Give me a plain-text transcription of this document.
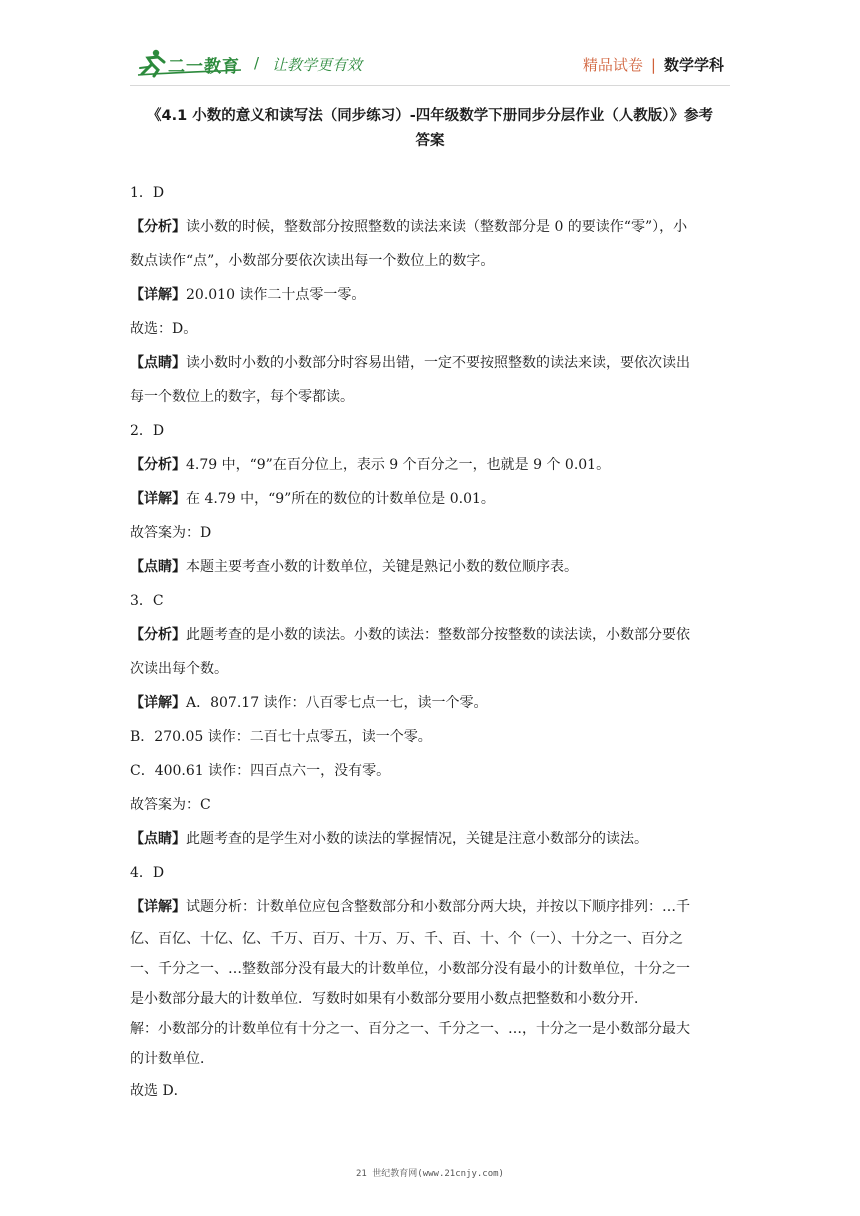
二一教育 / 让教学更有效	精品试卷 | 数学学科
《4.1 小数的意义和读写法（同步练习）-四年级数学下册同步分层作业（人教版）》参考
答案

1．D

【分析】读小数的时候，整数部分按照整数的读法来读（整数部分是 0 的要读作“零”），小

数点读作“点”，小数部分要依次读出每一个数位上的数字。

【详解】20.010 读作二十点零一零。

故选：D。

【点睛】读小数时小数的小数部分时容易出错，一定不要按照整数的读法来读，要依次读出

每一个数位上的数字，每个零都读。

2．D

【分析】4.79 中，“9”在百分位上，表示 9 个百分之一，也就是 9 个 0.01。

【详解】在 4.79 中，“9”所在的数位的计数单位是 0.01。

故答案为：D

【点睛】本题主要考查小数的计数单位，关键是熟记小数的数位顺序表。

3．C

【分析】此题考查的是小数的读法。小数的读法：整数部分按整数的读法读，小数部分要依

次读出每个数。

【详解】A．807.17 读作：八百零七点一七，读一个零。

B．270.05 读作：二百七十点零五，读一个零。

C．400.61 读作：四百点六一，没有零。

故答案为：C

【点睛】此题考查的是学生对小数的读法的掌握情况，关键是注意小数部分的读法。

4．D

【详解】试题分析：计数单位应包含整数部分和小数部分两大块，并按以下顺序排列：…千

亿、百亿、十亿、亿、千万、百万、十万、万、千、百、十、个（一）、十分之一、百分之

一、千分之一、…整数部分没有最大的计数单位，小数部分没有最小的计数单位，十分之一

是小数部分最大的计数单位．写数时如果有小数部分要用小数点把整数和小数分开．

解：小数部分的计数单位有十分之一、百分之一、千分之一、…，十分之一是小数部分最大

的计数单位．

故选 D．

21 世纪教育网(www.21cnjy.com)
